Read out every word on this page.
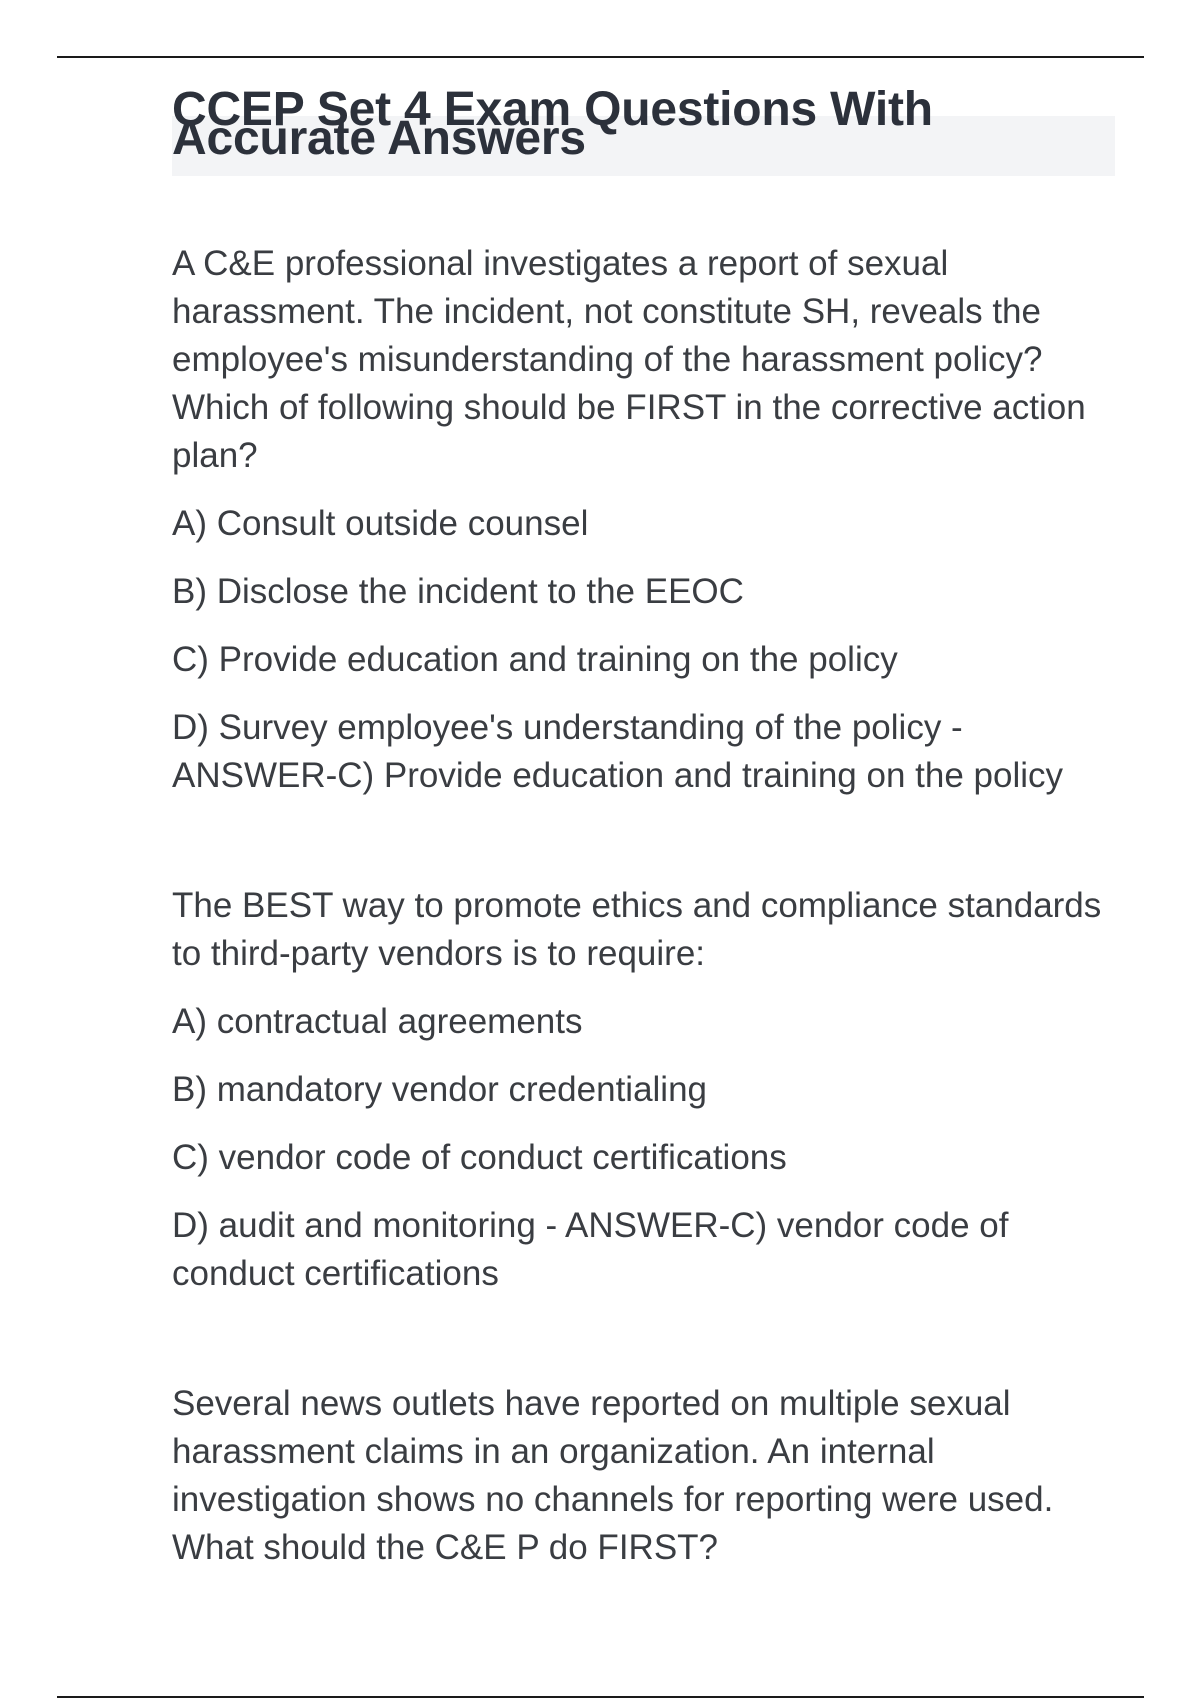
CCEP Set 4 Exam Questions With Accurate Answers

A C&E professional investigates a report of sexual harassment. The incident, not constitute SH, reveals the employee's misunderstanding of the harassment policy? Which of following should be FIRST in the corrective action plan?

A) Consult outside counsel

B) Disclose the incident to the EEOC

C) Provide education and training on the policy

D) Survey employee's understanding of the policy - ANSWER-C) Provide education and training on the policy

The BEST way to promote ethics and compliance standards to third-party vendors is to require:

A) contractual agreements

B) mandatory vendor credentialing

C) vendor code of conduct certifications

D) audit and monitoring - ANSWER-C) vendor code of conduct certifications

Several news outlets have reported on multiple sexual harassment claims in an organization. An internal investigation shows no channels for reporting were used. What should the C&E P do FIRST?
